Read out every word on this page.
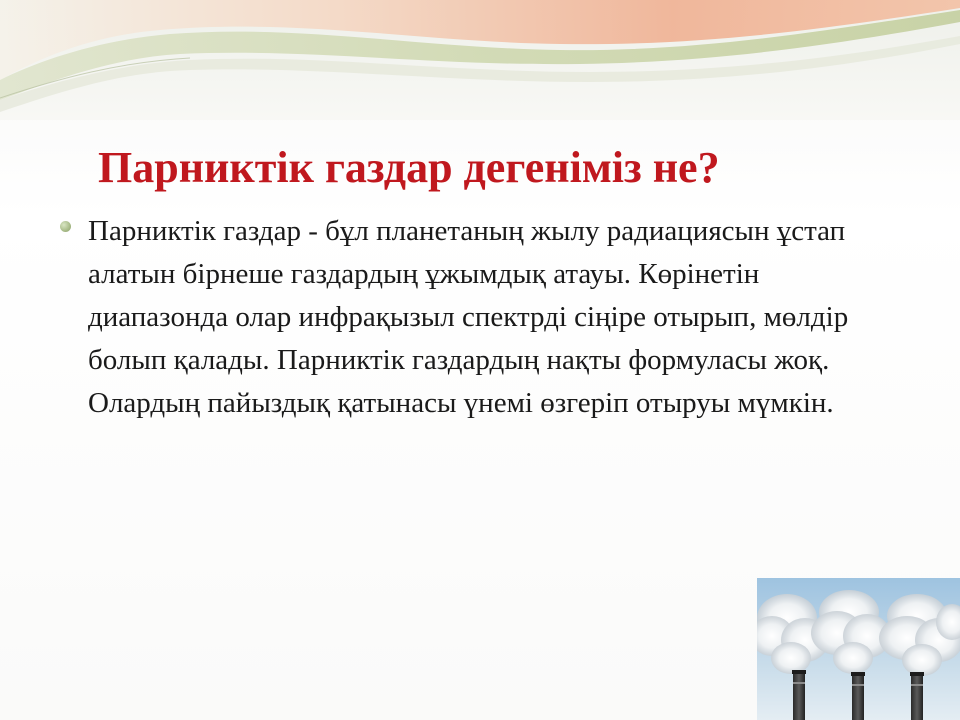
Парниктік газдар дегеніміз не?

Парниктік газдар - бұл планетаның жылу радиациясын ұстап алатын бірнеше газдардың ұжымдық атауы. Көрінетін диапазонда олар инфрақызыл спектрді сіңіре отырып, мөлдір болып қалады. Парниктік газдардың нақты формуласы жоқ. Олардың пайыздық қатынасы үнемі өзгеріп отыруы мүмкін.
